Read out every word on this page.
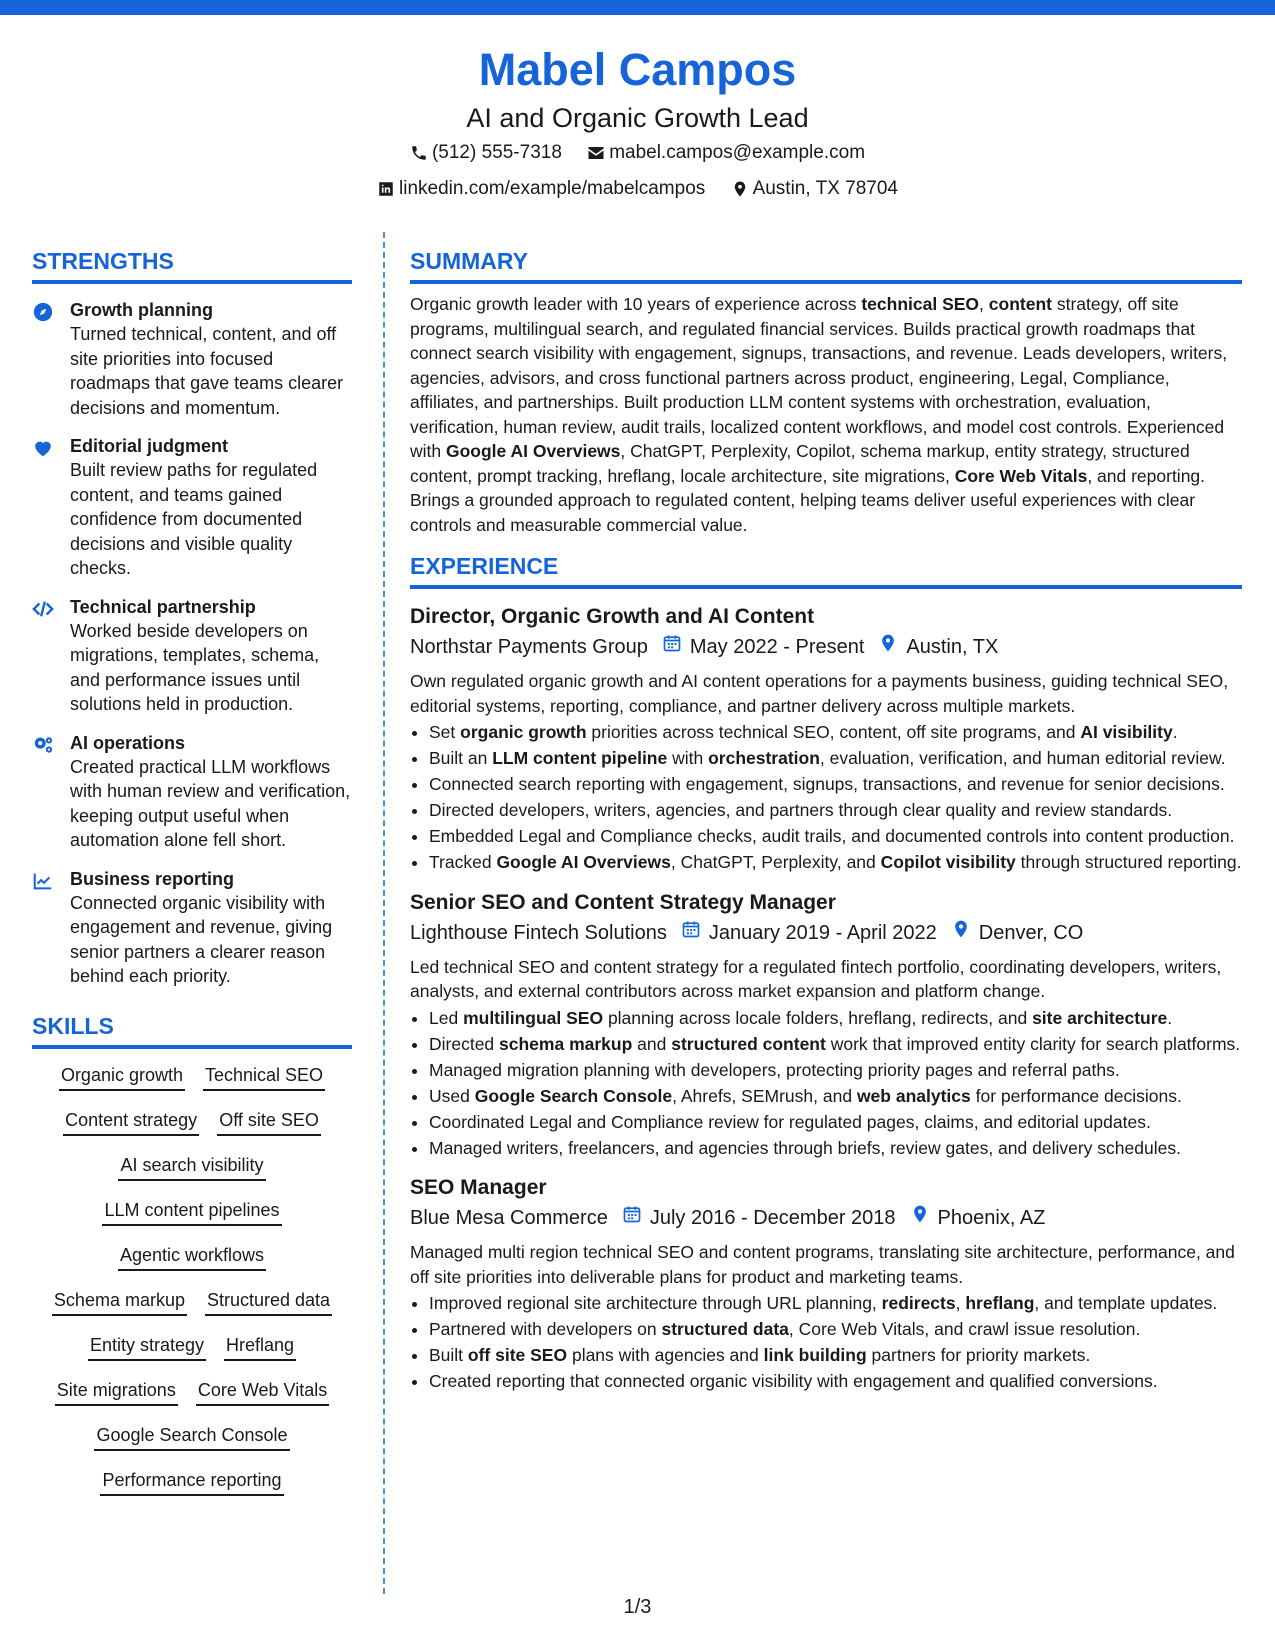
Mabel Campos
AI and Organic Growth Lead
(512) 555-7318
mabel.campos@example.com
linkedin.com/example/mabelcampos
Austin, TX 78704
STRENGTHS
Growth planning
Turned technical, content, and off site priorities into focused roadmaps that gave teams clearer decisions and momentum.
Editorial judgment
Built review paths for regulated content, and teams gained confidence from documented decisions and visible quality checks.
Technical partnership
Worked beside developers on migrations, templates, schema, and performance issues until solutions held in production.
AI operations
Created practical LLM workflows with human review and verification, keeping output useful when automation alone fell short.
Business reporting
Connected organic visibility with engagement and revenue, giving senior partners a clearer reason behind each priority.
SKILLS
Organic growth Technical SEO
Content strategy Off site SEO
AI search visibility
LLM content pipelines
Agentic workflows
Schema markup Structured data
Entity strategy Hreflang
Site migrations Core Web Vitals
Google Search Console
Performance reporting
SUMMARY
Organic growth leader with 10 years of experience across technical SEO, content strategy, off site programs, multilingual search, and regulated financial services. Builds practical growth roadmaps that connect search visibility with engagement, signups, transactions, and revenue. Leads developers, writers, agencies, advisors, and cross functional partners across product, engineering, Legal, Compliance, affiliates, and partnerships. Built production LLM content systems with orchestration, evaluation, verification, human review, audit trails, localized content workflows, and model cost controls. Experienced with Google AI Overviews, ChatGPT, Perplexity, Copilot, schema markup, entity strategy, structured content, prompt tracking, hreflang, locale architecture, site migrations, Core Web Vitals, and reporting. Brings a grounded approach to regulated content, helping teams deliver useful experiences with clear controls and measurable commercial value.
EXPERIENCE
Director, Organic Growth and AI Content
Northstar Payments Group May 2022 - Present Austin, TX
Own regulated organic growth and AI content operations for a payments business, guiding technical SEO, editorial systems, reporting, compliance, and partner delivery across multiple markets.
• Set organic growth priorities across technical SEO, content, off site programs, and AI visibility.
• Built an LLM content pipeline with orchestration, evaluation, verification, and human editorial review.
• Connected search reporting with engagement, signups, transactions, and revenue for senior decisions.
• Directed developers, writers, agencies, and partners through clear quality and review standards.
• Embedded Legal and Compliance checks, audit trails, and documented controls into content production.
• Tracked Google AI Overviews, ChatGPT, Perplexity, and Copilot visibility through structured reporting.
Senior SEO and Content Strategy Manager
Lighthouse Fintech Solutions January 2019 - April 2022 Denver, CO
Led technical SEO and content strategy for a regulated fintech portfolio, coordinating developers, writers, analysts, and external contributors across market expansion and platform change.
• Led multilingual SEO planning across locale folders, hreflang, redirects, and site architecture.
• Directed schema markup and structured content work that improved entity clarity for search platforms.
• Managed migration planning with developers, protecting priority pages and referral paths.
• Used Google Search Console, Ahrefs, SEMrush, and web analytics for performance decisions.
• Coordinated Legal and Compliance review for regulated pages, claims, and editorial updates.
• Managed writers, freelancers, and agencies through briefs, review gates, and delivery schedules.
SEO Manager
Blue Mesa Commerce July 2016 - December 2018 Phoenix, AZ
Managed multi region technical SEO and content programs, translating site architecture, performance, and off site priorities into deliverable plans for product and marketing teams.
• Improved regional site architecture through URL planning, redirects, hreflang, and template updates.
• Partnered with developers on structured data, Core Web Vitals, and crawl issue resolution.
• Built off site SEO plans with agencies and link building partners for priority markets.
• Created reporting that connected organic visibility with engagement and qualified conversions.
1/3
